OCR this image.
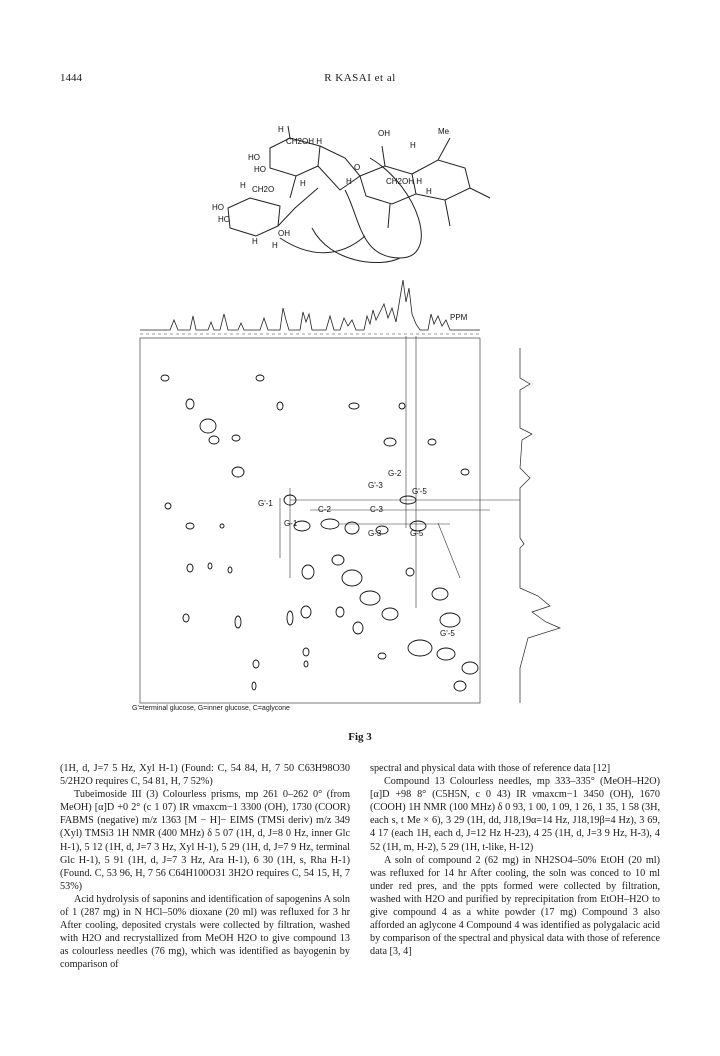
1444	R KASAI et al
H
CH2OH H
HO
HO
H
OH	Me
H
O
H	CH2OH H
H
CH2O
H
HO
HO
H
OH
H
PPM
G-2
G'-3
G'-5
G'-1
C-2	C-3
G-1
G-3	G-5
G'-5
G'=terminal glucose, G=inner glucose, C=aglycone
Fig 3

(1H, d, J=7 5 Hz, Xyl H-1) (Found: C, 54 84, H, 7 50 C63H98O30 5/2H2O requires C, 54 81, H, 7 52%)

Tubeimoside III (3) Colourless prisms, mp 261 0–262 0° (from MeOH) [α]D +0 2° (c 1 07) IR νmaxcm−1 3300 (OH), 1730 (COOR) FABMS (negative) m/z 1363 [M − H]− EIMS (TMSi deriv) m/z 349 (Xyl) TMSi3 1H NMR (400 MHz) δ 5 07 (1H, d, J=8 0 Hz, inner Glc H-1), 5 12 (1H, d, J=7 3 Hz, Xyl H-1), 5 29 (1H, d, J=7 9 Hz, terminal Glc H-1), 5 91 (1H, d, J=7 3 Hz, Ara H-1), 6 30 (1H, s, Rha H-1) (Found. C, 53 96, H, 7 56 C64H100O31 3H2O requires C, 54 15, H, 7 53%)

Acid hydrolysis of saponins and identification of sapogenins A soln of 1 (287 mg) in N HCl–50% dioxane (20 ml) was refluxed for 3 hr After cooling, deposited crystals were collected by filtration, washed with H2O and recrystallized from MeOH H2O to give compound 13 as colourless needles (76 mg), which was identified as bayogenin by comparison of

spectral and physical data with those of reference data [12]

Compound 13 Colourless needles, mp 333–335° (MeOH–H2O) [α]D +98 8° (C5H5N, c 0 43) IR νmaxcm−1 3450 (OH), 1670 (COOH) 1H NMR (100 MHz) δ 0 93, 1 00, 1 09, 1 26, 1 35, 1 58 (3H, each s, t Me × 6), 3 29 (1H, dd, J18,19α=14 Hz, J18,19β=4 Hz), 3 69, 4 17 (each 1H, each d, J=12 Hz H-23), 4 25 (1H, d, J=3 9 Hz, H-3), 4 52 (1H, m, H-2), 5 29 (1H, t-like, H-12)

A soln of compound 2 (62 mg) in NH2SO4–50% EtOH (20 ml) was refluxed for 14 hr After cooling, the soln was conced to 10 ml under red pres, and the ppts formed were collected by filtration, washed with H2O and purified by reprecipitation from EtOH–H2O to give compound 4 as a white powder (17 mg) Compound 3 also afforded an aglycone 4 Compound 4 was identified as polygalacic acid by comparison of the spectral and physical data with those of reference data [3, 4]
